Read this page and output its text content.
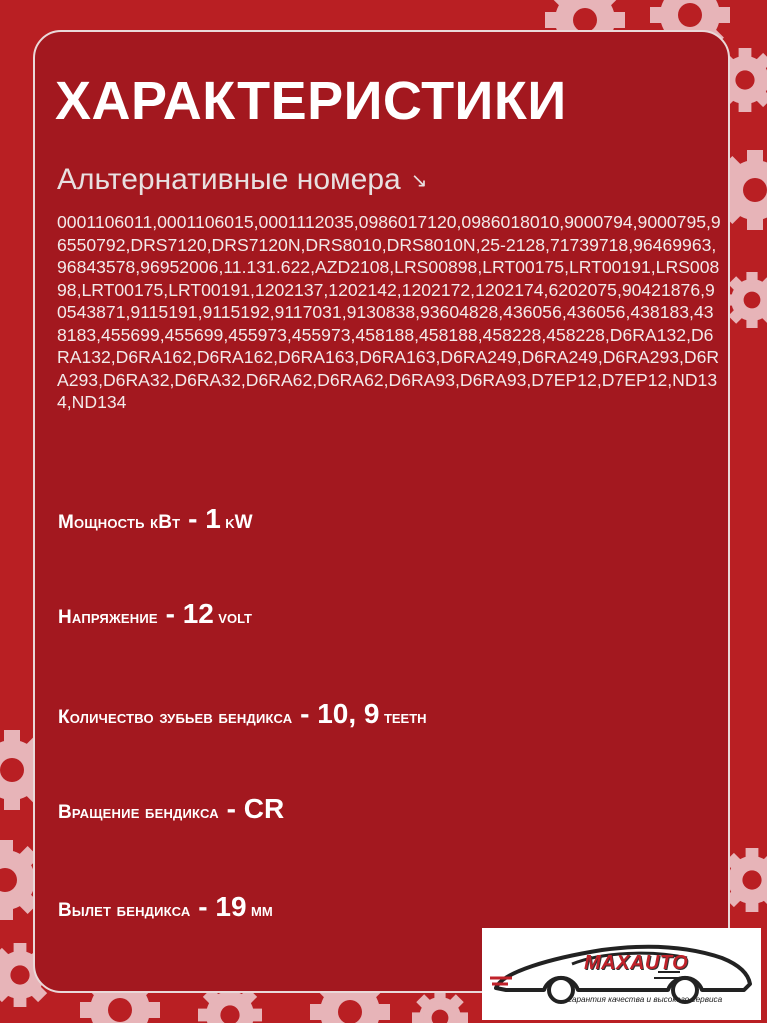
ХАРАКТЕРИСТИКИ
Альтернативные номера ↘
0001106011,0001106015,0001112035,0986017120,0986018010,9000794,9000795,96550792,DRS7120,DRS7120N,DRS8010,DRS8010N,25-2128,71739718,96469963,96843578,96952006,11.131.622,AZD2108,LRS00898,LRT00175,LRT00191,LRS00898,LRT00175,LRT00191,1202137,1202142,1202172,1202174,6202075,90421876,90543871,9115191,9115192,9117031,9130838,93604828,436056,436056,438183,438183,455699,455699,455973,455973,458188,458188,458228,458228,D6RA132,D6RA132,D6RA162,D6RA162,D6RA163,D6RA163,D6RA249,D6RA249,D6RA293,D6RA293,D6RA32,D6RA32,D6RA62,D6RA62,D6RA93,D6RA93,D7EP12,D7EP12,ND134,ND134
Мощность кВт - 1 kW
Напряжение - 12 volt
Количество зубьев бендикса - 10, 9 teeth
Вращение бендикса - CR
Вылет бендикса - 19 мм
MAXAUTO
гарантия качества и высокого сервиса
